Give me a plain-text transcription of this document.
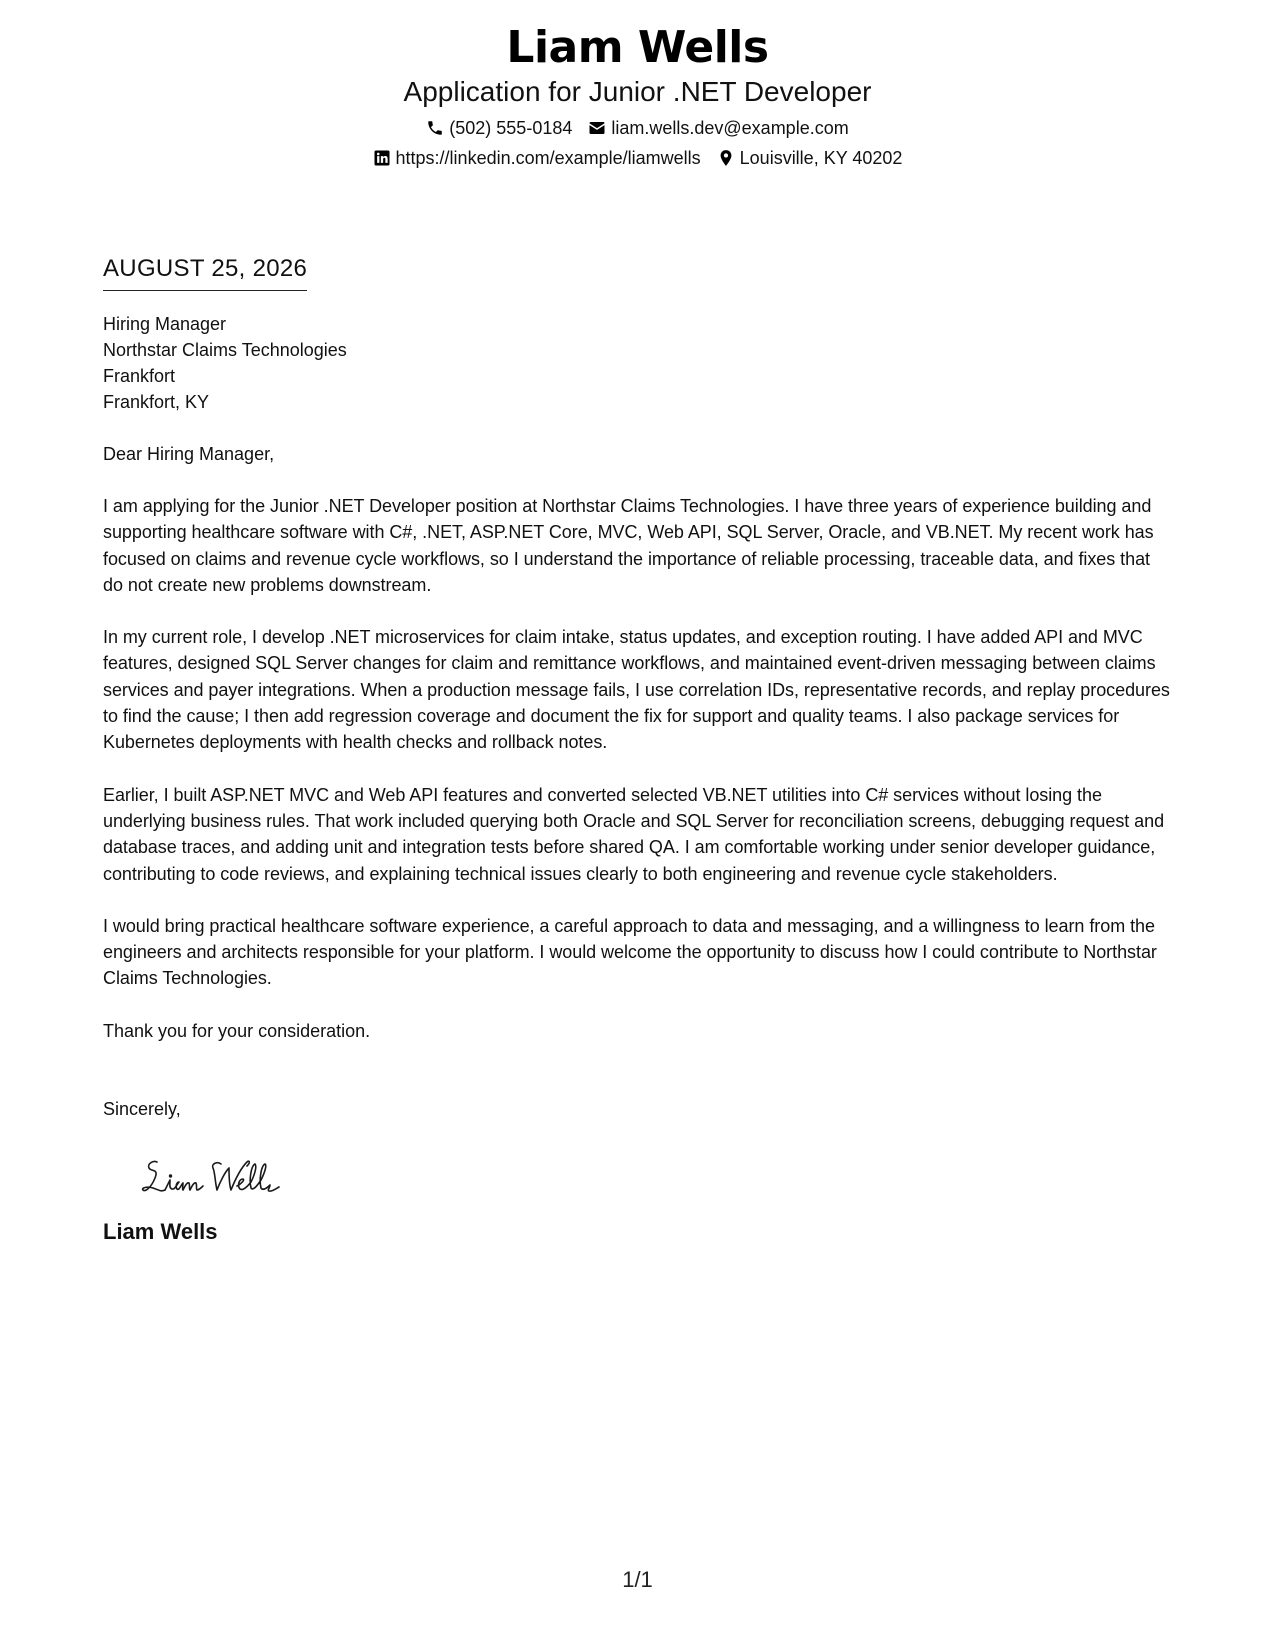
Liam Wells
Application for Junior .NET Developer
(502) 555-0184 liam.wells.dev@example.com
https://linkedin.com/example/liamwells Louisville, KY 40202
AUGUST 25, 2026
Hiring Manager
Northstar Claims Technologies
Frankfort
Frankfort, KY
Dear Hiring Manager,
I am applying for the Junior .NET Developer position at Northstar Claims Technologies. I have three years of experience building and supporting healthcare software with C#, .NET, ASP.NET Core, MVC, Web API, SQL Server, Oracle, and VB.NET. My recent work has focused on claims and revenue cycle workflows, so I understand the importance of reliable processing, traceable data, and fixes that do not create new problems downstream.
In my current role, I develop .NET microservices for claim intake, status updates, and exception routing. I have added API and MVC features, designed SQL Server changes for claim and remittance workflows, and maintained event-driven messaging between claims services and payer integrations. When a production message fails, I use correlation IDs, representative records, and replay procedures to find the cause; I then add regression coverage and document the fix for support and quality teams. I also package services for Kubernetes deployments with health checks and rollback notes.
Earlier, I built ASP.NET MVC and Web API features and converted selected VB.NET utilities into C# services without losing the underlying business rules. That work included querying both Oracle and SQL Server for reconciliation screens, debugging request and database traces, and adding unit and integration tests before shared QA. I am comfortable working under senior developer guidance, contributing to code reviews, and explaining technical issues clearly to both engineering and revenue cycle stakeholders.
I would bring practical healthcare software experience, a careful approach to data and messaging, and a willingness to learn from the engineers and architects responsible for your platform. I would welcome the opportunity to discuss how I could contribute to Northstar Claims Technologies.
Thank you for your consideration.
Sincerely,
Liam Wells
1/1
